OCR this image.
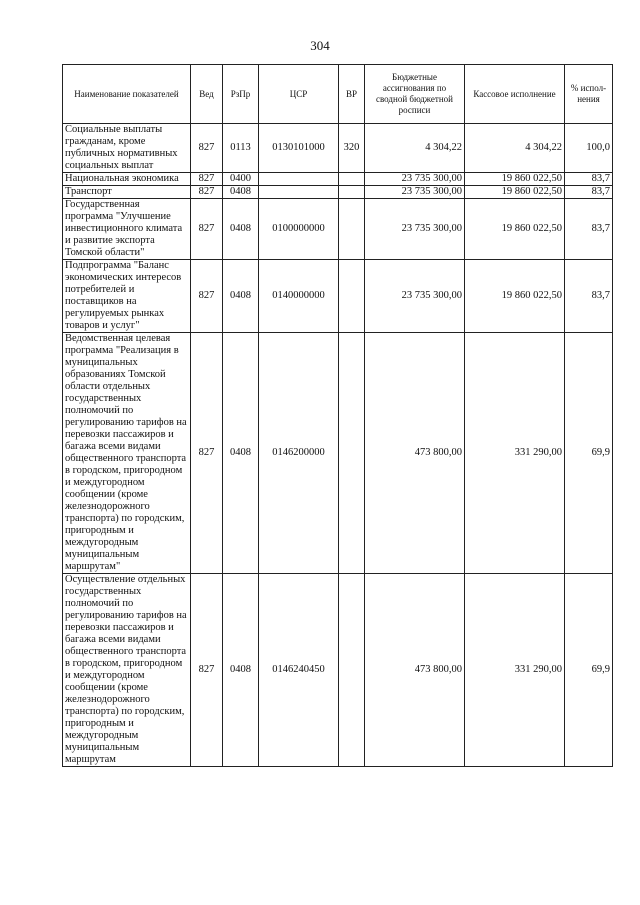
304
Наименование показателей	Вед	РзПр	ЦСР	ВР	Бюджетные ассигнования по сводной бюджетной росписи	Кассовое исполнение	% испол-нения
Социальные выплаты гражданам, кроме публичных нормативных социальных выплат	827	0113	0130101000	320	4 304,22	4 304,22	100,0
Национальная экономика	827	0400			23 735 300,00	19 860 022,50	83,7
Транспорт	827	0408			23 735 300,00	19 860 022,50	83,7
Государственная программа "Улучшение инвестиционного климата и развитие экспорта Томской области"	827	0408	0100000000		23 735 300,00	19 860 022,50	83,7
Подпрограмма "Баланс экономических интересов потребителей и поставщиков на регулируемых рынках товаров и услуг"	827	0408	0140000000		23 735 300,00	19 860 022,50	83,7
Ведомственная целевая программа "Реализация в муниципальных образованиях Томской области отдельных государственных полномочий по регулированию тарифов на перевозки пассажиров и багажа всеми видами общественного транспорта в городском, пригородном и междугородном сообщении (кроме железнодорожного транспорта) по городским, пригородным и междугородным муниципальным маршрутам"	827	0408	0146200000		473 800,00	331 290,00	69,9
Осуществление отдельных государственных полномочий по регулированию тарифов на перевозки пассажиров и багажа всеми видами общественного транспорта в городском, пригородном и междугородном сообщении (кроме железнодорожного транспорта) по городским, пригородным и междугородным муниципальным маршрутам	827	0408	0146240450		473 800,00	331 290,00	69,9
